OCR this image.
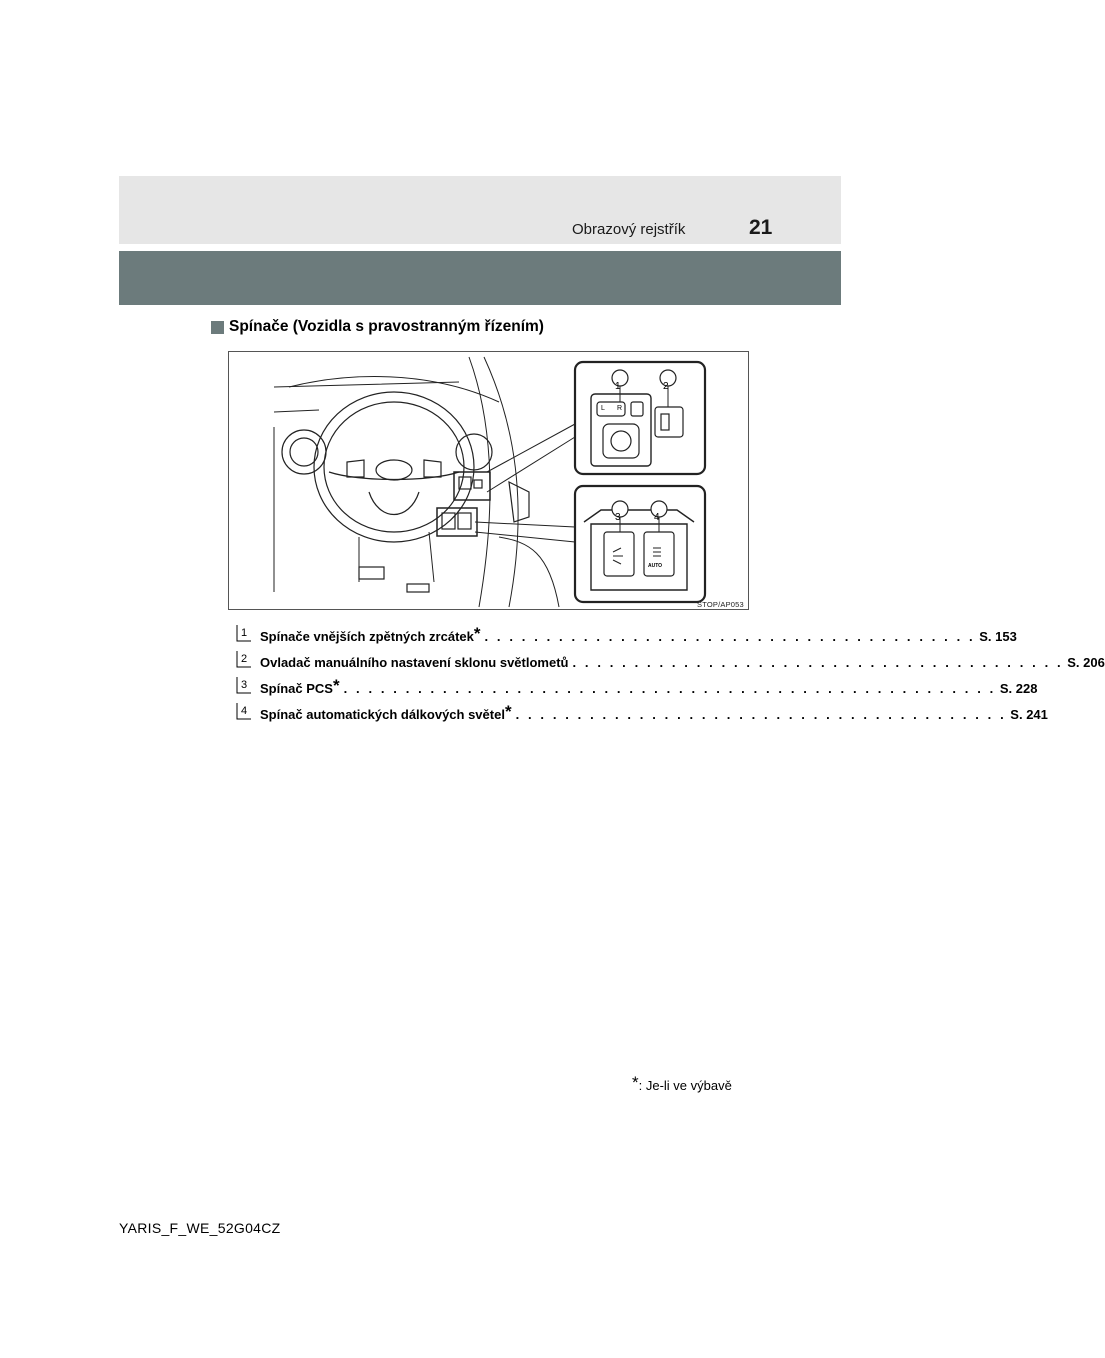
Obrazový rejstřík	21
Spínače (Vozidla s pravostranným řízením)
1	2
3	4
L R
AUTO
STOP/AP053
1 Spínače vnějších zpětných zrcátek* . . . . . . . . . . . . . . . . . . . . . . . . . . . . . . . . . . . . . . . . S. 153
2 Ovladač manuálního nastavení sklonu světlometů . . . . . . . . . . . . . . . . . . . . . . . . . . . . . . . . . . . . . . . . S. 206
3 Spínač PCS* . . . . . . . . . . . . . . . . . . . . . . . . . . . . . . . . . . . . . . . . . . . . . . . . . . . . . S. 228
4 Spínač automatických dálkových světel* . . . . . . . . . . . . . . . . . . . . . . . . . . . . . . . . . . . . . . . . S. 241
*: Je-li ve výbavě
YARIS_F_WE_52G04CZ
